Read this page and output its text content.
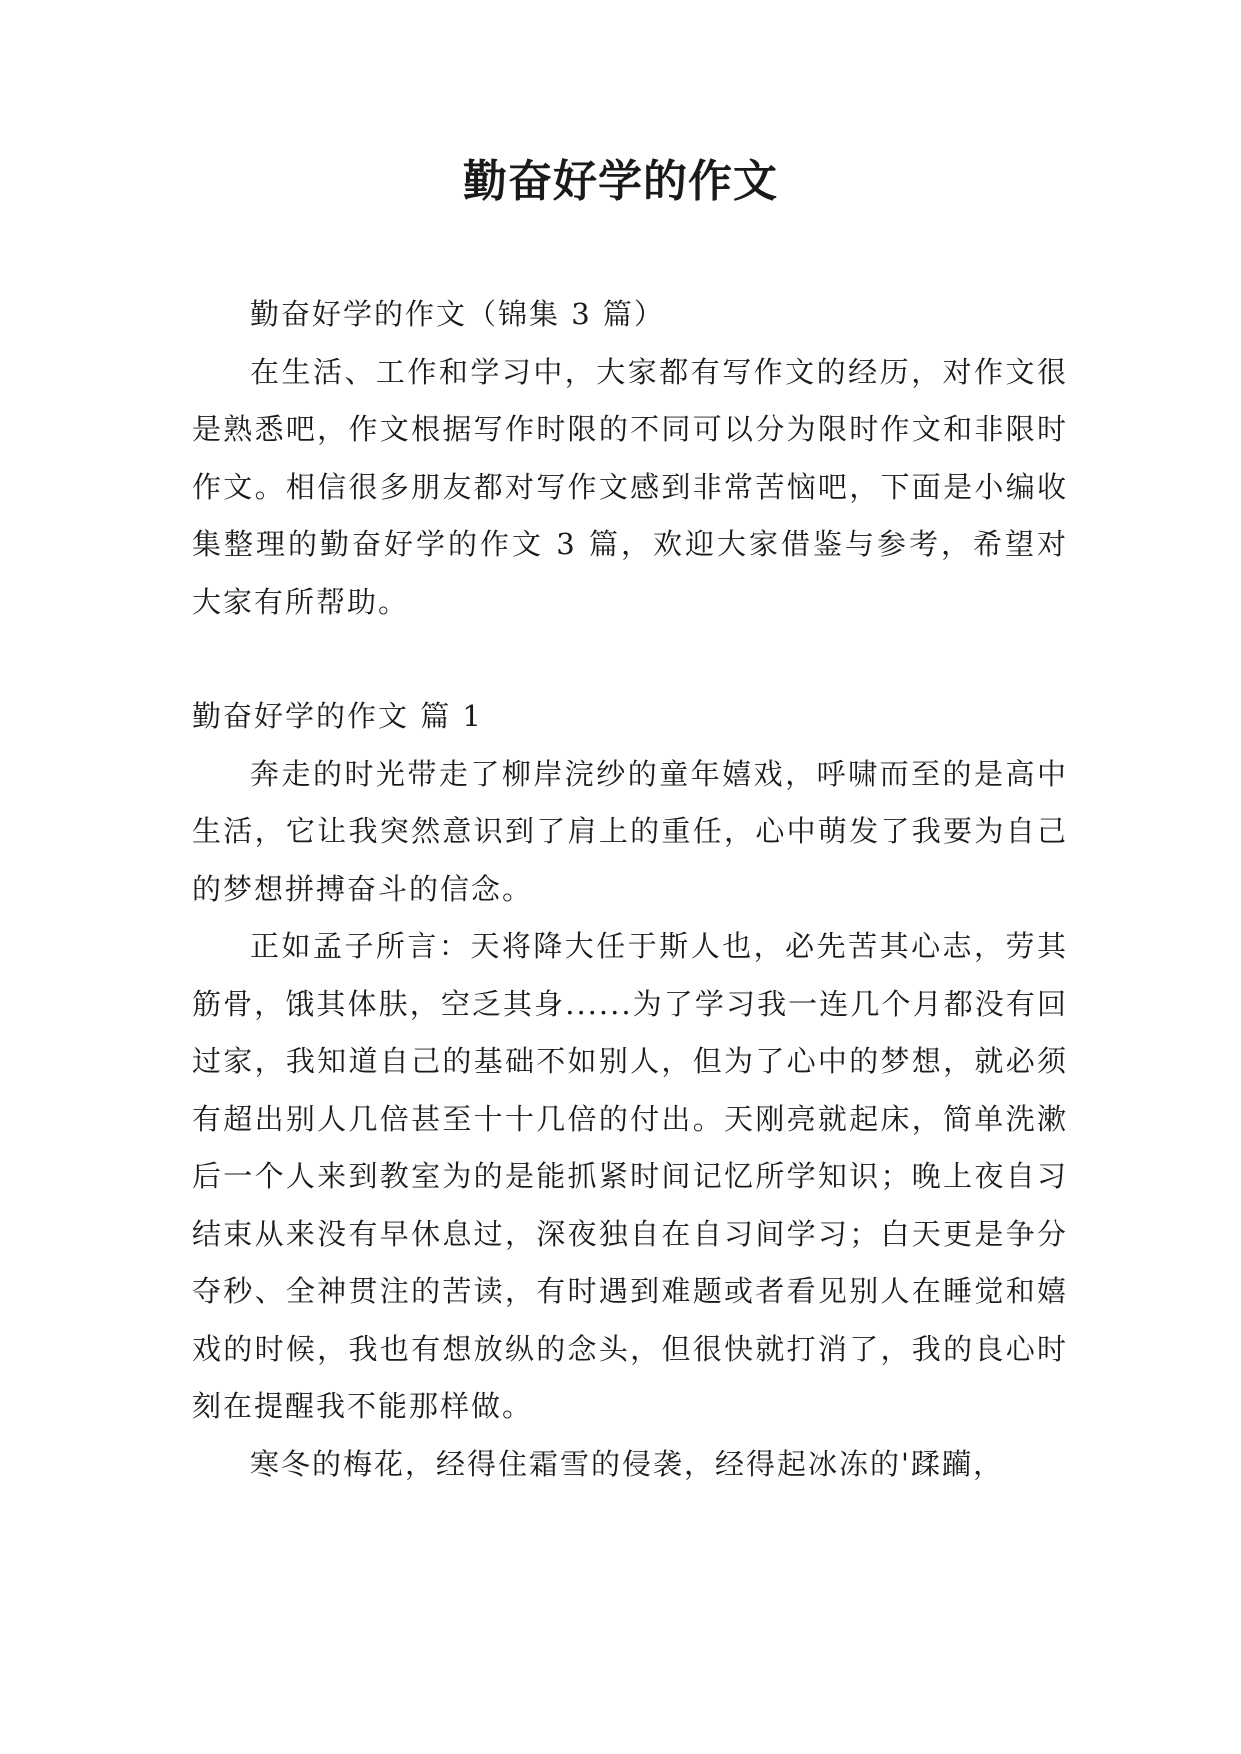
勤奋好学的作文

勤奋好学的作文（锦集 3 篇）

在生活、工作和学习中，大家都有写作文的经历，对作文很是熟悉吧，作文根据写作时限的不同可以分为限时作文和非限时作文。相信很多朋友都对写作文感到非常苦恼吧，下面是小编收集整理的勤奋好学的作文 3 篇，欢迎大家借鉴与参考，希望对大家有所帮助。

勤奋好学的作文 篇 1

奔走的时光带走了柳岸浣纱的童年嬉戏，呼啸而至的是高中生活，它让我突然意识到了肩上的重任，心中萌发了我要为自己的梦想拼搏奋斗的信念。

正如孟子所言：天将降大任于斯人也，必先苦其心志，劳其筋骨，饿其体肤，空乏其身......为了学习我一连几个月都没有回过家，我知道自己的基础不如别人，但为了心中的梦想，就必须有超出别人几倍甚至十十几倍的付出。天刚亮就起床，简单洗漱后一个人来到教室为的是能抓紧时间记忆所学知识；晚上夜自习结束从来没有早休息过，深夜独自在自习间学习；白天更是争分夺秒、全神贯注的苦读，有时遇到难题或者看见别人在睡觉和嬉戏的时候，我也有想放纵的念头，但很快就打消了，我的良心时刻在提醒我不能那样做。

寒冬的梅花，经得住霜雪的侵袭，经得起冰冻的'蹂躏，
